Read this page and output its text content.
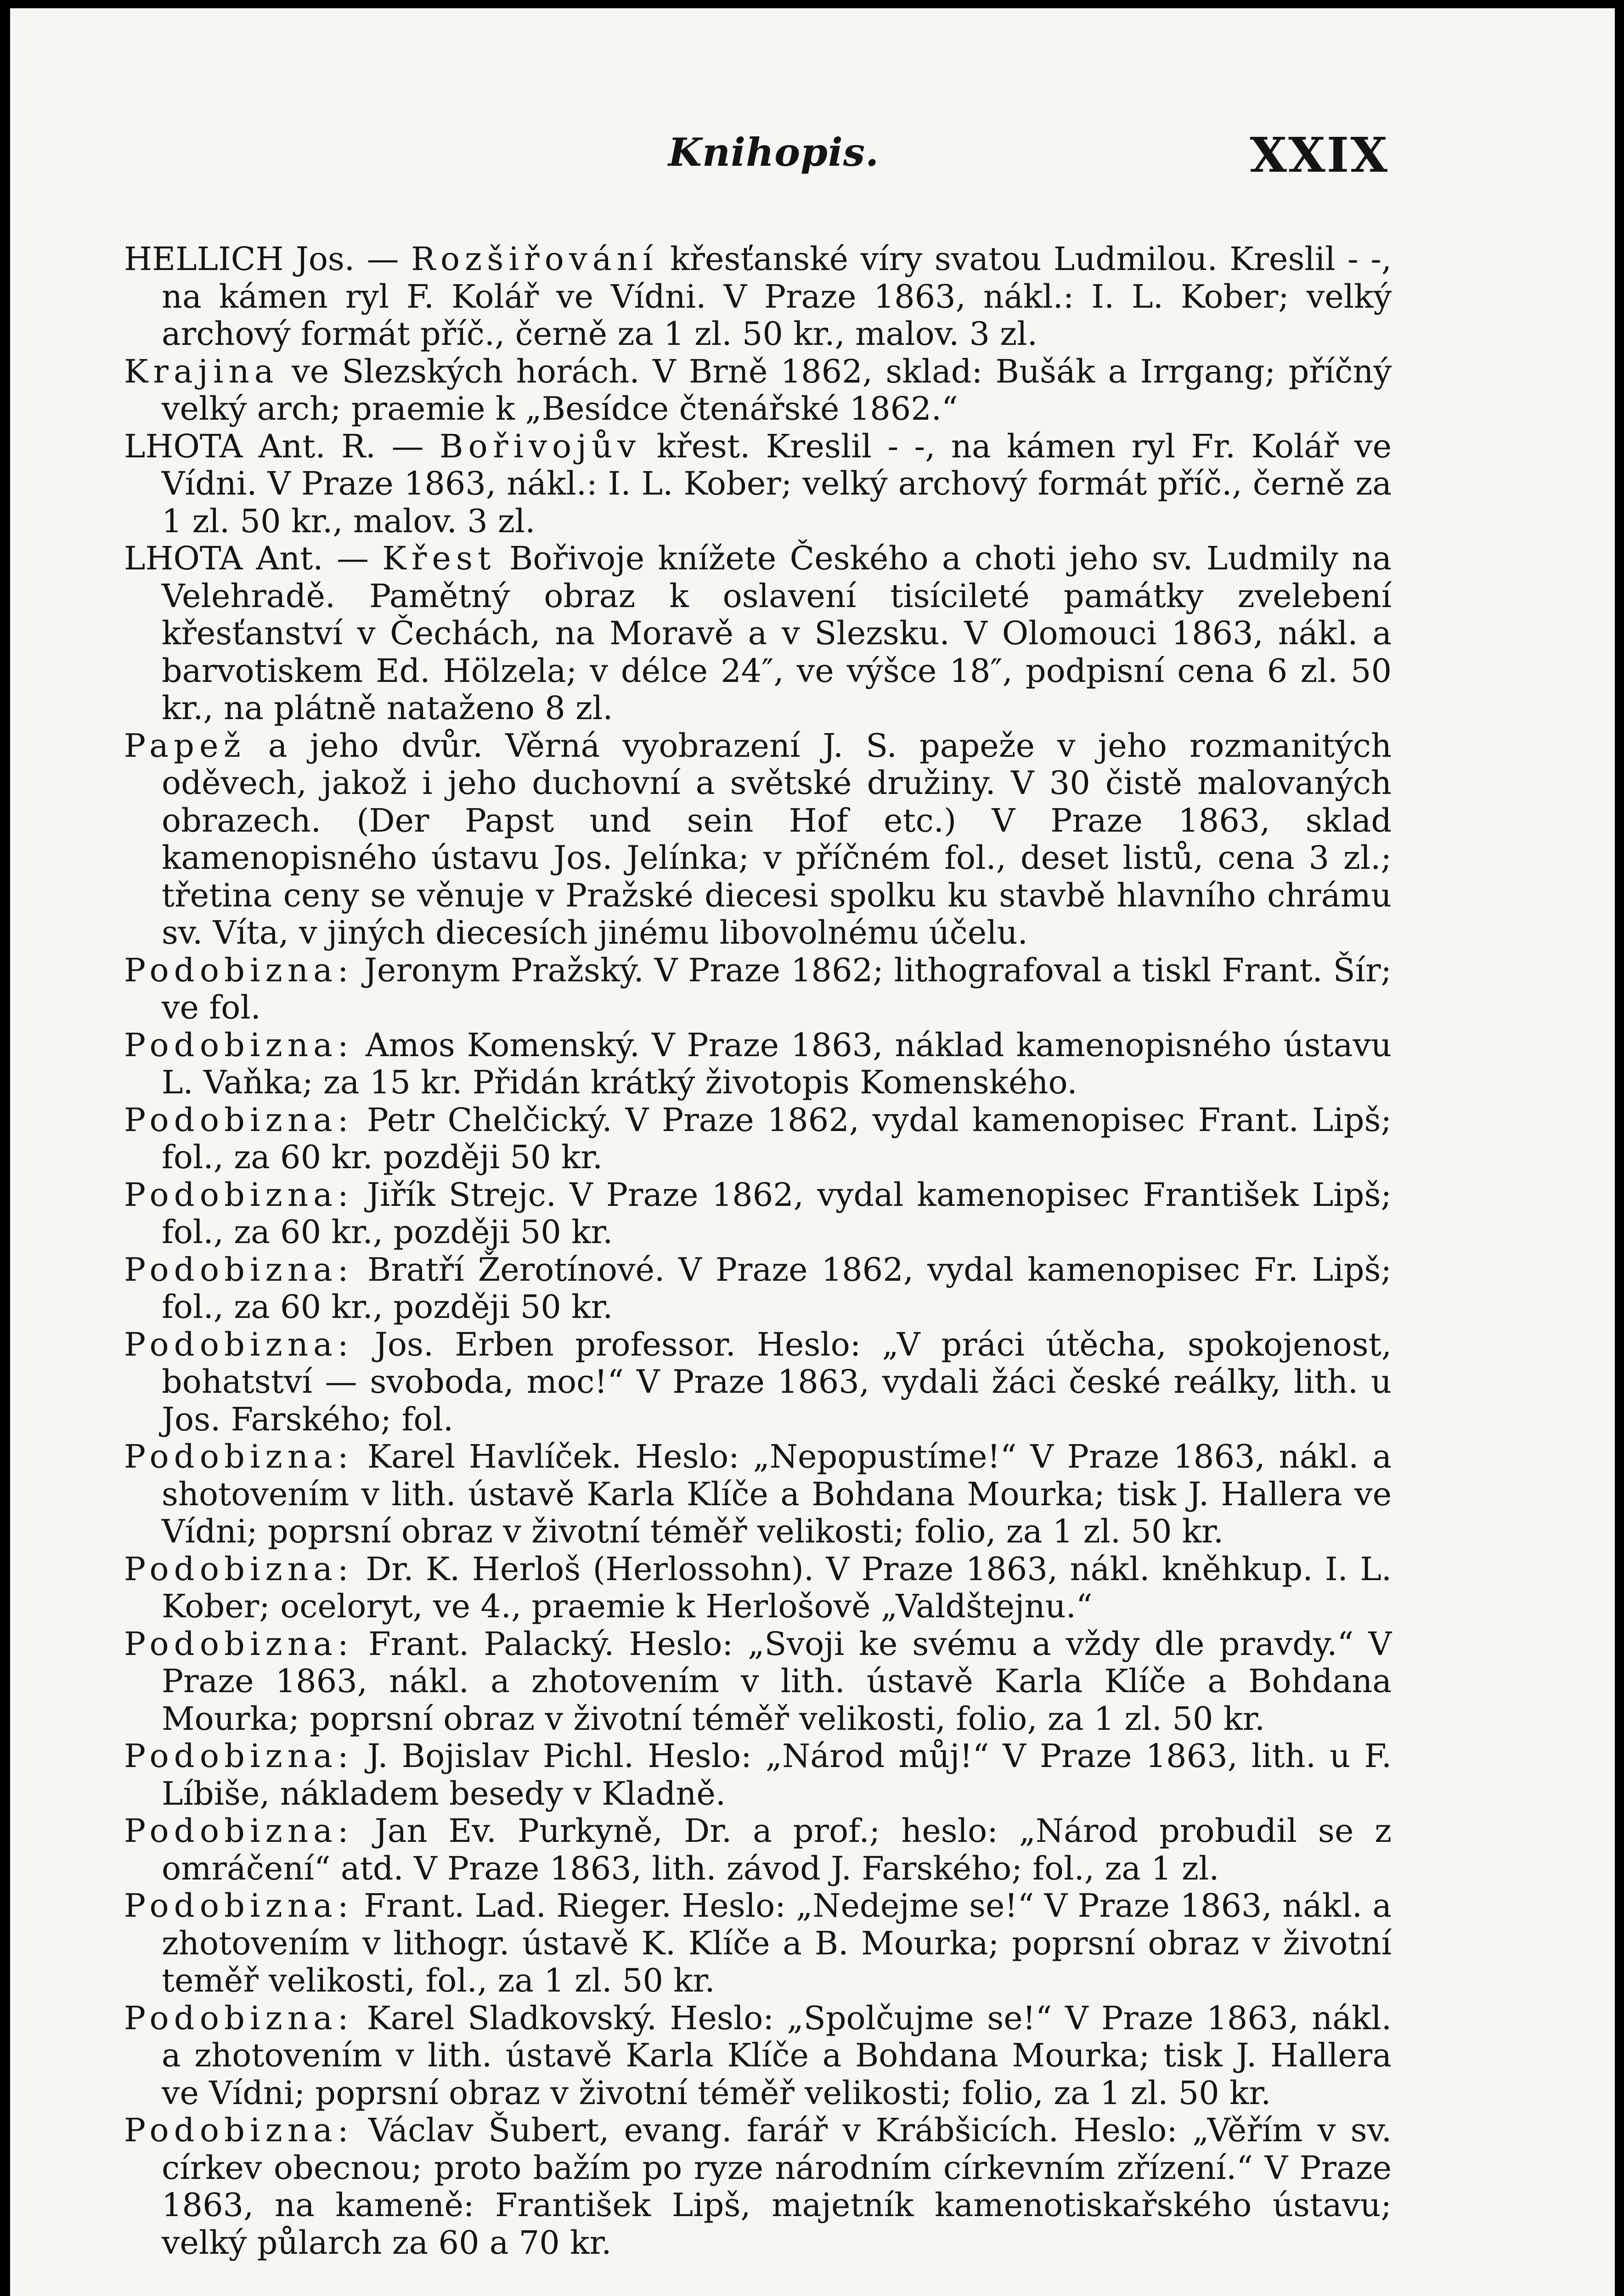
Knihopis.	XXIX

HELLICH Jos. — Rozšiřování křesťanské víry svatou Ludmilou. Kreslil - -, na kámen ryl F. Kolář ve Vídni. V Praze 1863, nákl.: I. L. Kober; velký archový formát příč., černě za 1 zl. 50 kr., malov. 3 zl.

Krajina ve Slezských horách. V Brně 1862, sklad: Bušák a Irrgang; příčný velký arch; praemie k „Besídce čtenářské 1862.“

LHOTA Ant. R. — Bořivojův křest. Kreslil - -, na kámen ryl Fr. Kolář ve Vídni. V Praze 1863, nákl.: I. L. Kober; velký archový formát příč., černě za 1 zl. 50 kr., malov. 3 zl.

LHOTA Ant. — Křest Bořivoje knížete Českého a choti jeho sv. Ludmily na Velehradě. Pamětný obraz k oslavení tisícileté památky zvelebení křesťanství v Čechách, na Moravě a v Slezsku. V Olomouci 1863, nákl. a barvotiskem Ed. Hölzela; v délce 24″, ve výšce 18″, podpisní cena 6 zl. 50 kr., na plátně nataženo 8 zl.

Papež a jeho dvůr. Věrná vyobrazení J. S. papeže v jeho rozmanitých oděvech, jakož i jeho duchovní a světské družiny. V 30 čistě malovaných obrazech. (Der Papst und sein Hof etc.) V Praze 1863, sklad kamenopisného ústavu Jos. Jelínka; v příčném fol., deset listů, cena 3 zl.; třetina ceny se věnuje v Pražské diecesi spolku ku stavbě hlavního chrámu sv. Víta, v jiných diecesích jinému libovolnému účelu.

Podobizna: Jeronym Pražský. V Praze 1862; lithografoval a tiskl Frant. Šír; ve fol.

Podobizna: Amos Komenský. V Praze 1863, náklad kamenopisného ústavu L. Vaňka; za 15 kr. Přidán krátký životopis Komenského.

Podobizna: Petr Chelčický. V Praze 1862, vydal kamenopisec Frant. Lipš; fol., za 60 kr. později 50 kr.

Podobizna: Jiřík Strejc. V Praze 1862, vydal kamenopisec František Lipš; fol., za 60 kr., později 50 kr.

Podobizna: Bratří Žerotínové. V Praze 1862, vydal kamenopisec Fr. Lipš; fol., za 60 kr., později 50 kr.

Podobizna: Jos. Erben professor. Heslo: „V práci útěcha, spokojenost, bohatství — svoboda, moc!“ V Praze 1863, vydali žáci české reálky, lith. u Jos. Farského; fol.

Podobizna: Karel Havlíček. Heslo: „Nepopustíme!“ V Praze 1863, nákl. a shotovením v lith. ústavě Karla Klíče a Bohdana Mourka; tisk J. Hallera ve Vídni; poprsní obraz v životní téměř velikosti; folio, za 1 zl. 50 kr.

Podobizna: Dr. K. Herloš (Herlossohn). V Praze 1863, nákl. kněhkup. I. L. Kober; oceloryt, ve 4., praemie k Herlošově „Valdštejnu.“

Podobizna: Frant. Palacký. Heslo: „Svoji ke svému a vždy dle pravdy.“ V Praze 1863, nákl. a zhotovením v lith. ústavě Karla Klíče a Bohdana Mourka; poprsní obraz v životní téměř velikosti, folio, za 1 zl. 50 kr.

Podobizna: J. Bojislav Pichl. Heslo: „Národ můj!“ V Praze 1863, lith. u F. Líbiše, nákladem besedy v Kladně.

Podobizna: Jan Ev. Purkyně, Dr. a prof.; heslo: „Národ probudil se z omráčení“ atd. V Praze 1863, lith. závod J. Farského; fol., za 1 zl.

Podobizna: Frant. Lad. Rieger. Heslo: „Nedejme se!“ V Praze 1863, nákl. a zhotovením v lithogr. ústavě K. Klíče a B. Mourka; poprsní obraz v životní teměř velikosti, fol., za 1 zl. 50 kr.

Podobizna: Karel Sladkovský. Heslo: „Spolčujme se!“ V Praze 1863, nákl. a zhotovením v lith. ústavě Karla Klíče a Bohdana Mourka; tisk J. Hallera ve Vídni; poprsní obraz v životní téměř velikosti; folio, za 1 zl. 50 kr.

Podobizna: Václav Šubert, evang. farář v Krábšicích. Heslo: „Věřím v sv. církev obecnou; proto bažím po ryze národním církevním zřízení.“ V Praze 1863, na kameně: František Lipš, majetník kamenotiskařského ústavu; velký půlarch za 60 a 70 kr.
